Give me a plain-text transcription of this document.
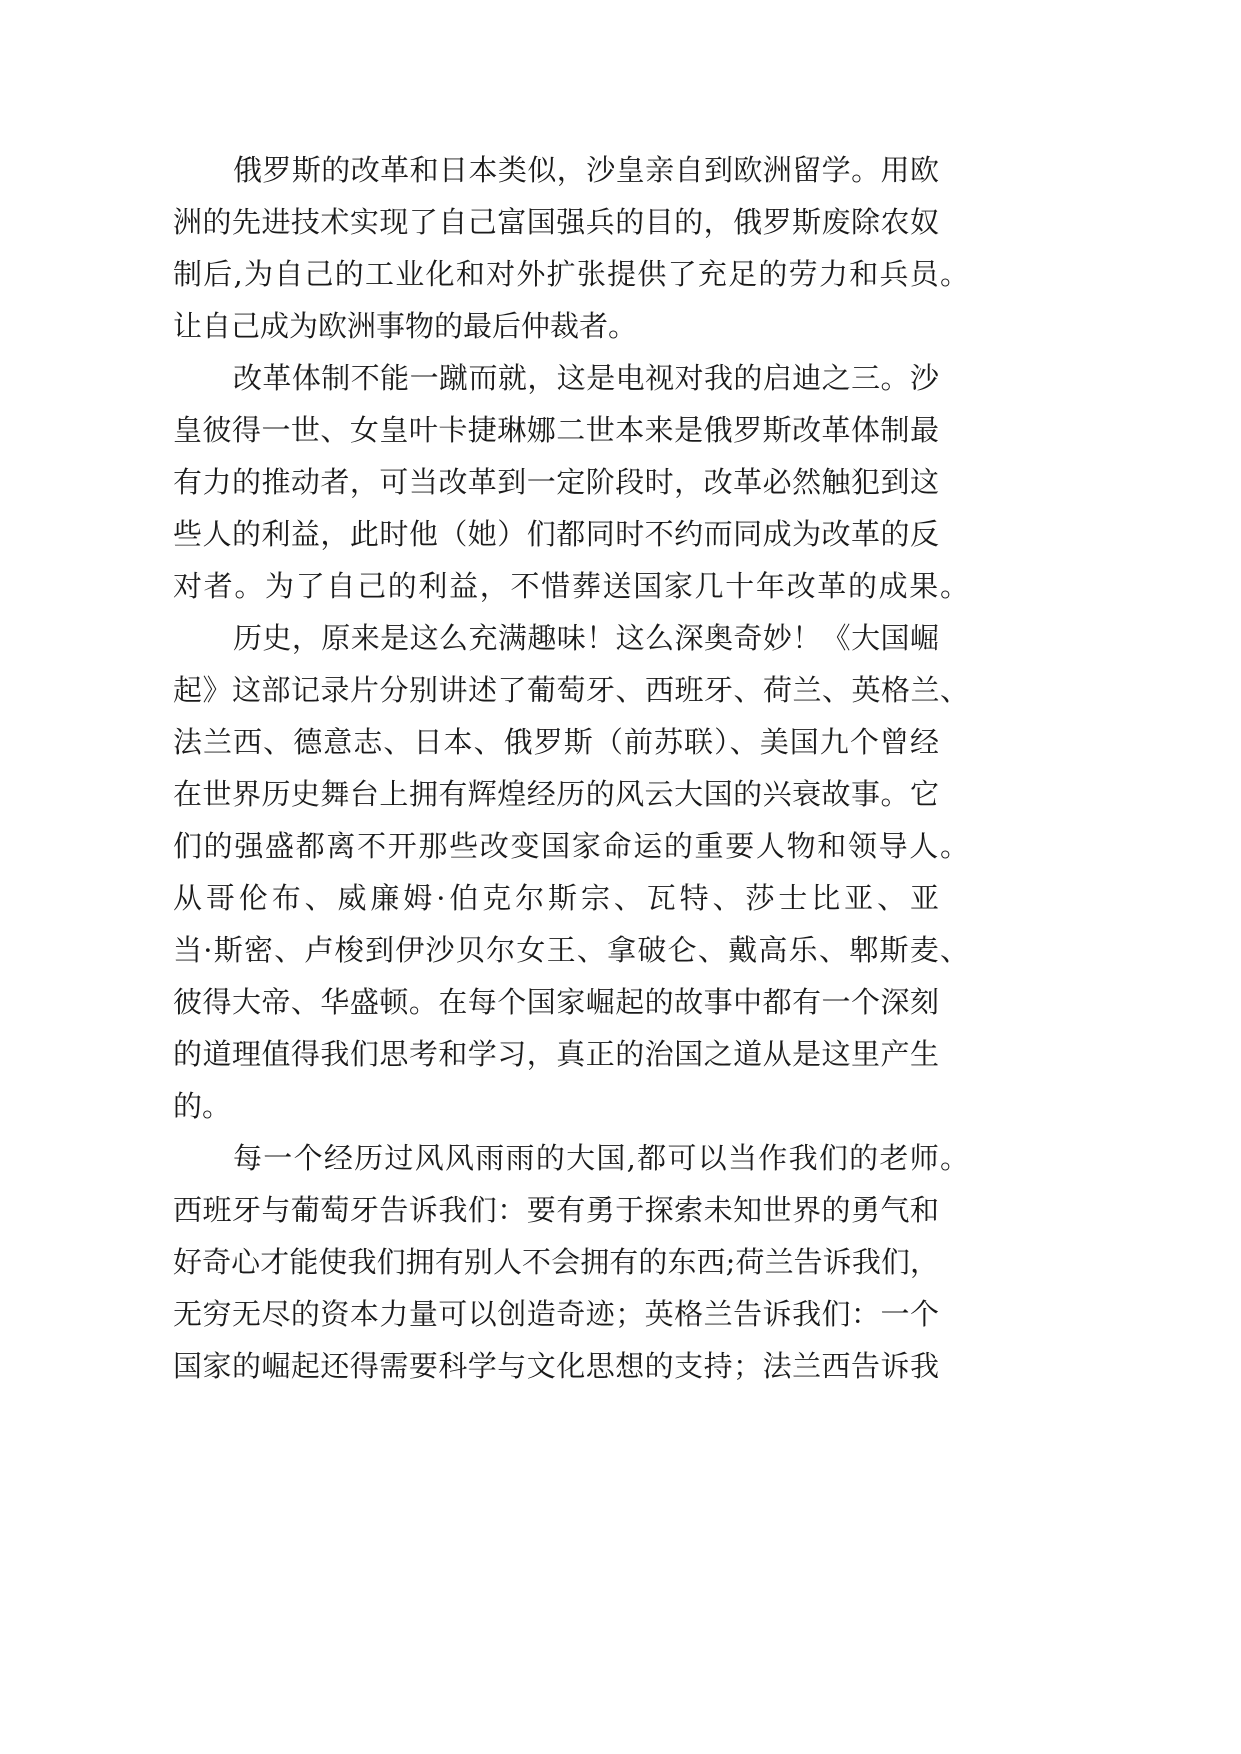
俄罗斯的改革和日本类似，沙皇亲自到欧洲留学。用欧

洲的先进技术实现了自己富国强兵的目的，俄罗斯废除农奴

制后,为自己的工业化和对外扩张提供了充足的劳力和兵员。

让自己成为欧洲事物的最后仲裁者。

改革体制不能一蹴而就，这是电视对我的启迪之三。沙

皇彼得一世、女皇叶卡捷琳娜二世本来是俄罗斯改革体制最

有力的推动者，可当改革到一定阶段时，改革必然触犯到这

些人的利益，此时他（她）们都同时不约而同成为改革的反

对者。为了自己的利益，不惜葬送国家几十年改革的成果。

历史，原来是这么充满趣味！这么深奥奇妙！《大国崛

起》这部记录片分别讲述了葡萄牙、西班牙、荷兰、英格兰、

法兰西、德意志、日本、俄罗斯（前苏联）、美国九个曾经

在世界历史舞台上拥有辉煌经历的风云大国的兴衰故事。它

们的强盛都离不开那些改变国家命运的重要人物和领导人。

从哥伦布、威廉姆·伯克尔斯宗、瓦特、莎士比亚、亚

当·斯密、卢梭到伊沙贝尔女王、拿破仑、戴高乐、郫斯麦、

彼得大帝、华盛顿。在每个国家崛起的故事中都有一个深刻

的道理值得我们思考和学习，真正的治国之道从是这里产生

的。

每一个经历过风风雨雨的大国,都可以当作我们的老师。

西班牙与葡萄牙告诉我们：要有勇于探索未知世界的勇气和

好奇心才能使我们拥有别人不会拥有的东西;荷兰告诉我们，

无穷无尽的资本力量可以创造奇迹；英格兰告诉我们：一个

国家的崛起还得需要科学与文化思想的支持；法兰西告诉我
